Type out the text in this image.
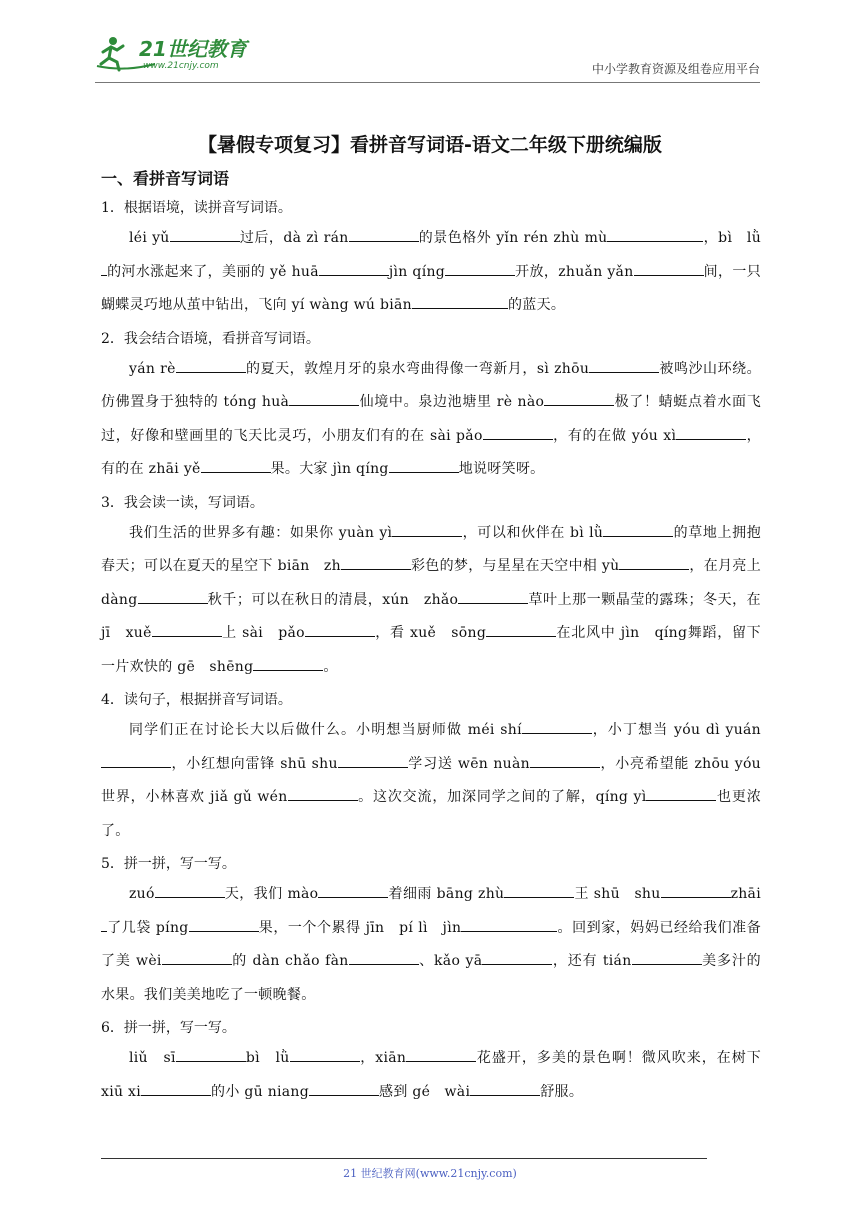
21世纪教育
www.21cnjy.com	中小学教育资源及组卷应用平台
【暑假专项复习】看拼音写词语-语文二年级下册统编版
一、看拼音写词语
1．根据语境，读拼音写词语。

léi yǔ	过后，dà zì rán	的景色格外 yǐn rén zhù mù	，bì　lǜ的河水涨起来了，美丽的 yě huā	jìn qíng	开放，zhuǎn yǎn	间，一只蝴蝶灵巧地从茧中钻出，飞向 yí wàng wú biān	的蓝天。

2．我会结合语境，看拼音写词语。

yán rè	的夏天，敦煌月牙的泉水弯曲得像一弯新月，sì zhōu	被鸣沙山环绕。仿佛置身于独特的 tóng huà	仙境中。泉边池塘里 rè nào	极了！蜻蜓点着水面飞过，好像和壁画里的飞天比灵巧，小朋友们有的在 sài pǎo	，有的在做 yóu xì	，有的在 zhāi yě	果。大家 jìn qíng	地说呀笑呀。

3．我会读一读，写词语。

我们生活的世界多有趣：如果你 yuàn yì	，可以和伙伴在 bì lǜ	的草地上拥抱春天；可以在夏天的星空下 biān　zh	彩色的梦，与星星在天空中相 yù	，在月亮上 dàng	秋千；可以在秋日的清晨，xún　zhǎo	草叶上那一颗晶莹的露珠；冬天，在 jī　xuě	上 sài　pǎo	，看 xuě　sōng	在北风中 jìn　qíng舞蹈，留下一片欢快的 gē　shēng	。

4．读句子，根据拼音写词语。

同学们正在讨论长大以后做什么。小明想当厨师做 méi shí	，小丁想当 yóu dì yuán，小红想向雷锋 shū shu	学习送 wēn nuàn	，小亮希望能 zhōu yóu 世界，小林喜欢 jiǎ gǔ wén	。这次交流，加深同学之间的了解，qíng yì	也更浓了。

5．拼一拼，写一写。

zuó	天，我们 mào	着细雨 bāng zhù	王 shū　shu	zhāi了几袋 píng	果，一个个累得 jīn　pí lì　jìn	。回到家，妈妈已经给我们准备了美 wèi	的 dàn chǎo fàn	、kǎo yā	，还有 tián	美多汁的水果。我们美美地吃了一顿晚餐。

6．拼一拼，写一写。

liǔ　sī	bì　lǜ	，xiān	花盛开，多美的景色啊！微风吹来，在树下 xiū xi	的小 gū niang	感到 gé　wài	舒服。

21 世纪教育网(www.21cnjy.com)
